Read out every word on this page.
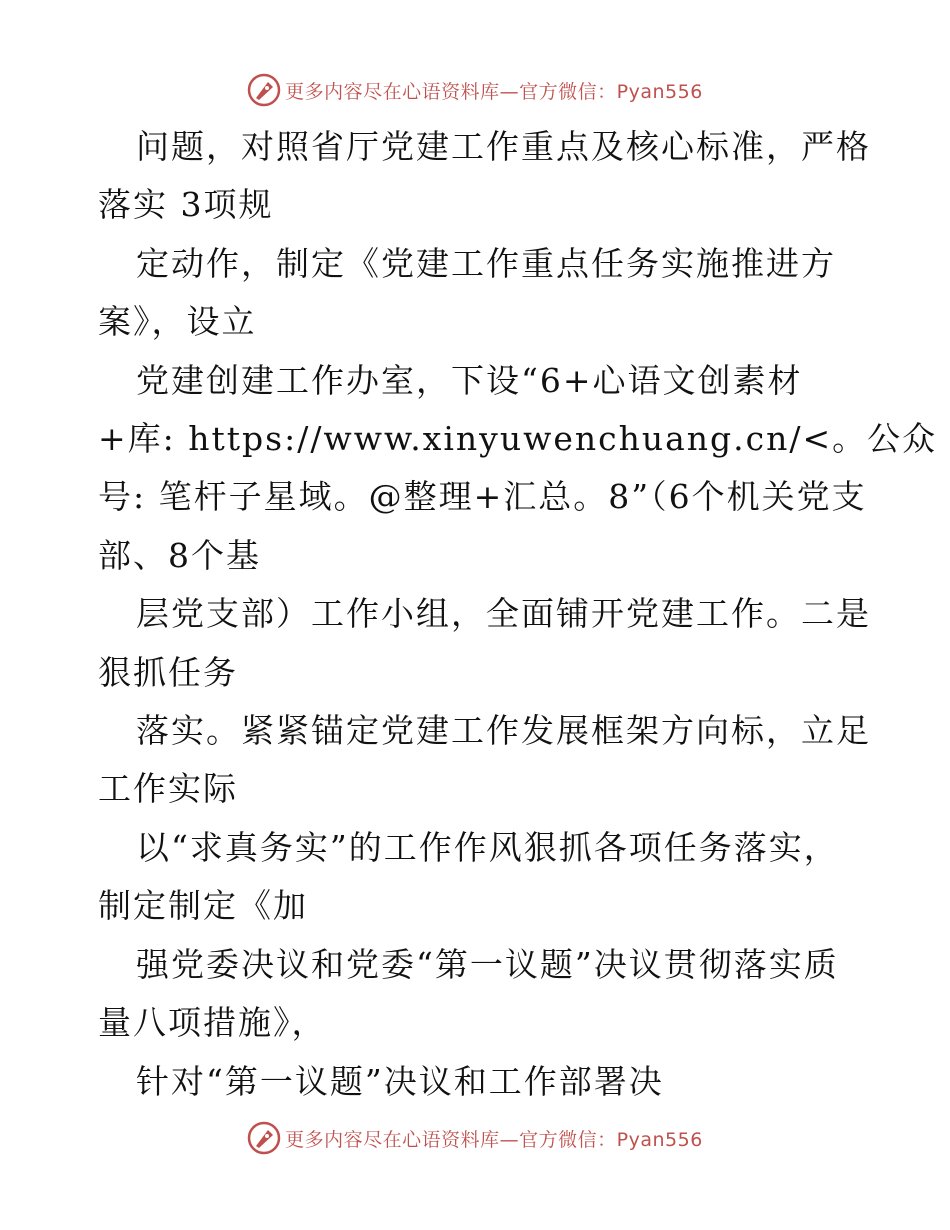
更多内容尽在心语资料库—官方微信：Pyan556
问题，对照省厅党建工作重点及核心标准，严格
落实 3项规
定动作，制定《党建工作重点任务实施推进方
案》，设立
党建创建工作办室，下设“6+心语文创素材
+库: https://www.xinyuwenchuang.cn/<。公众
号: 笔杆子星域。@整理+汇总。8”（6个机关党支
部、8个基
层党支部）工作小组，全面铺开党建工作。二是
狠抓任务
落实。紧紧锚定党建工作发展框架方向标，立足
工作实际
以“求真务实”的工作作风狠抓各项任务落实，
制定制定《加
强党委决议和党委“第一议题”决议贯彻落实质
量八项措施》，
针对“第一议题”决议和工作部署决
更多内容尽在心语资料库—官方微信：Pyan556
